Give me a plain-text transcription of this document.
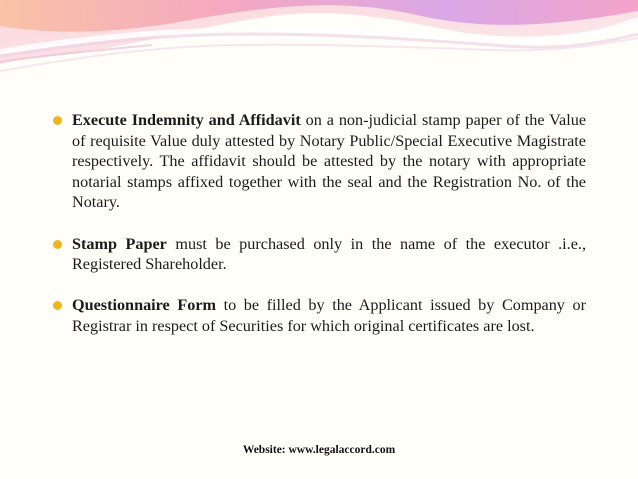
Execute Indemnity and Affidavit on a non-judicial stamp paper of the Value of requisite Value duly attested by Notary Public/Special Executive Magistrate respectively. The affidavit should be attested by the notary with appropriate notarial stamps affixed together with the seal and the Registration No. of the Notary.
Stamp Paper must be purchased only in the name of the executor .i.e., Registered Shareholder.
Questionnaire Form to be filled by the Applicant issued by Company or Registrar in respect of Securities for which original certificates are lost.
Website: www.legalaccord.com
